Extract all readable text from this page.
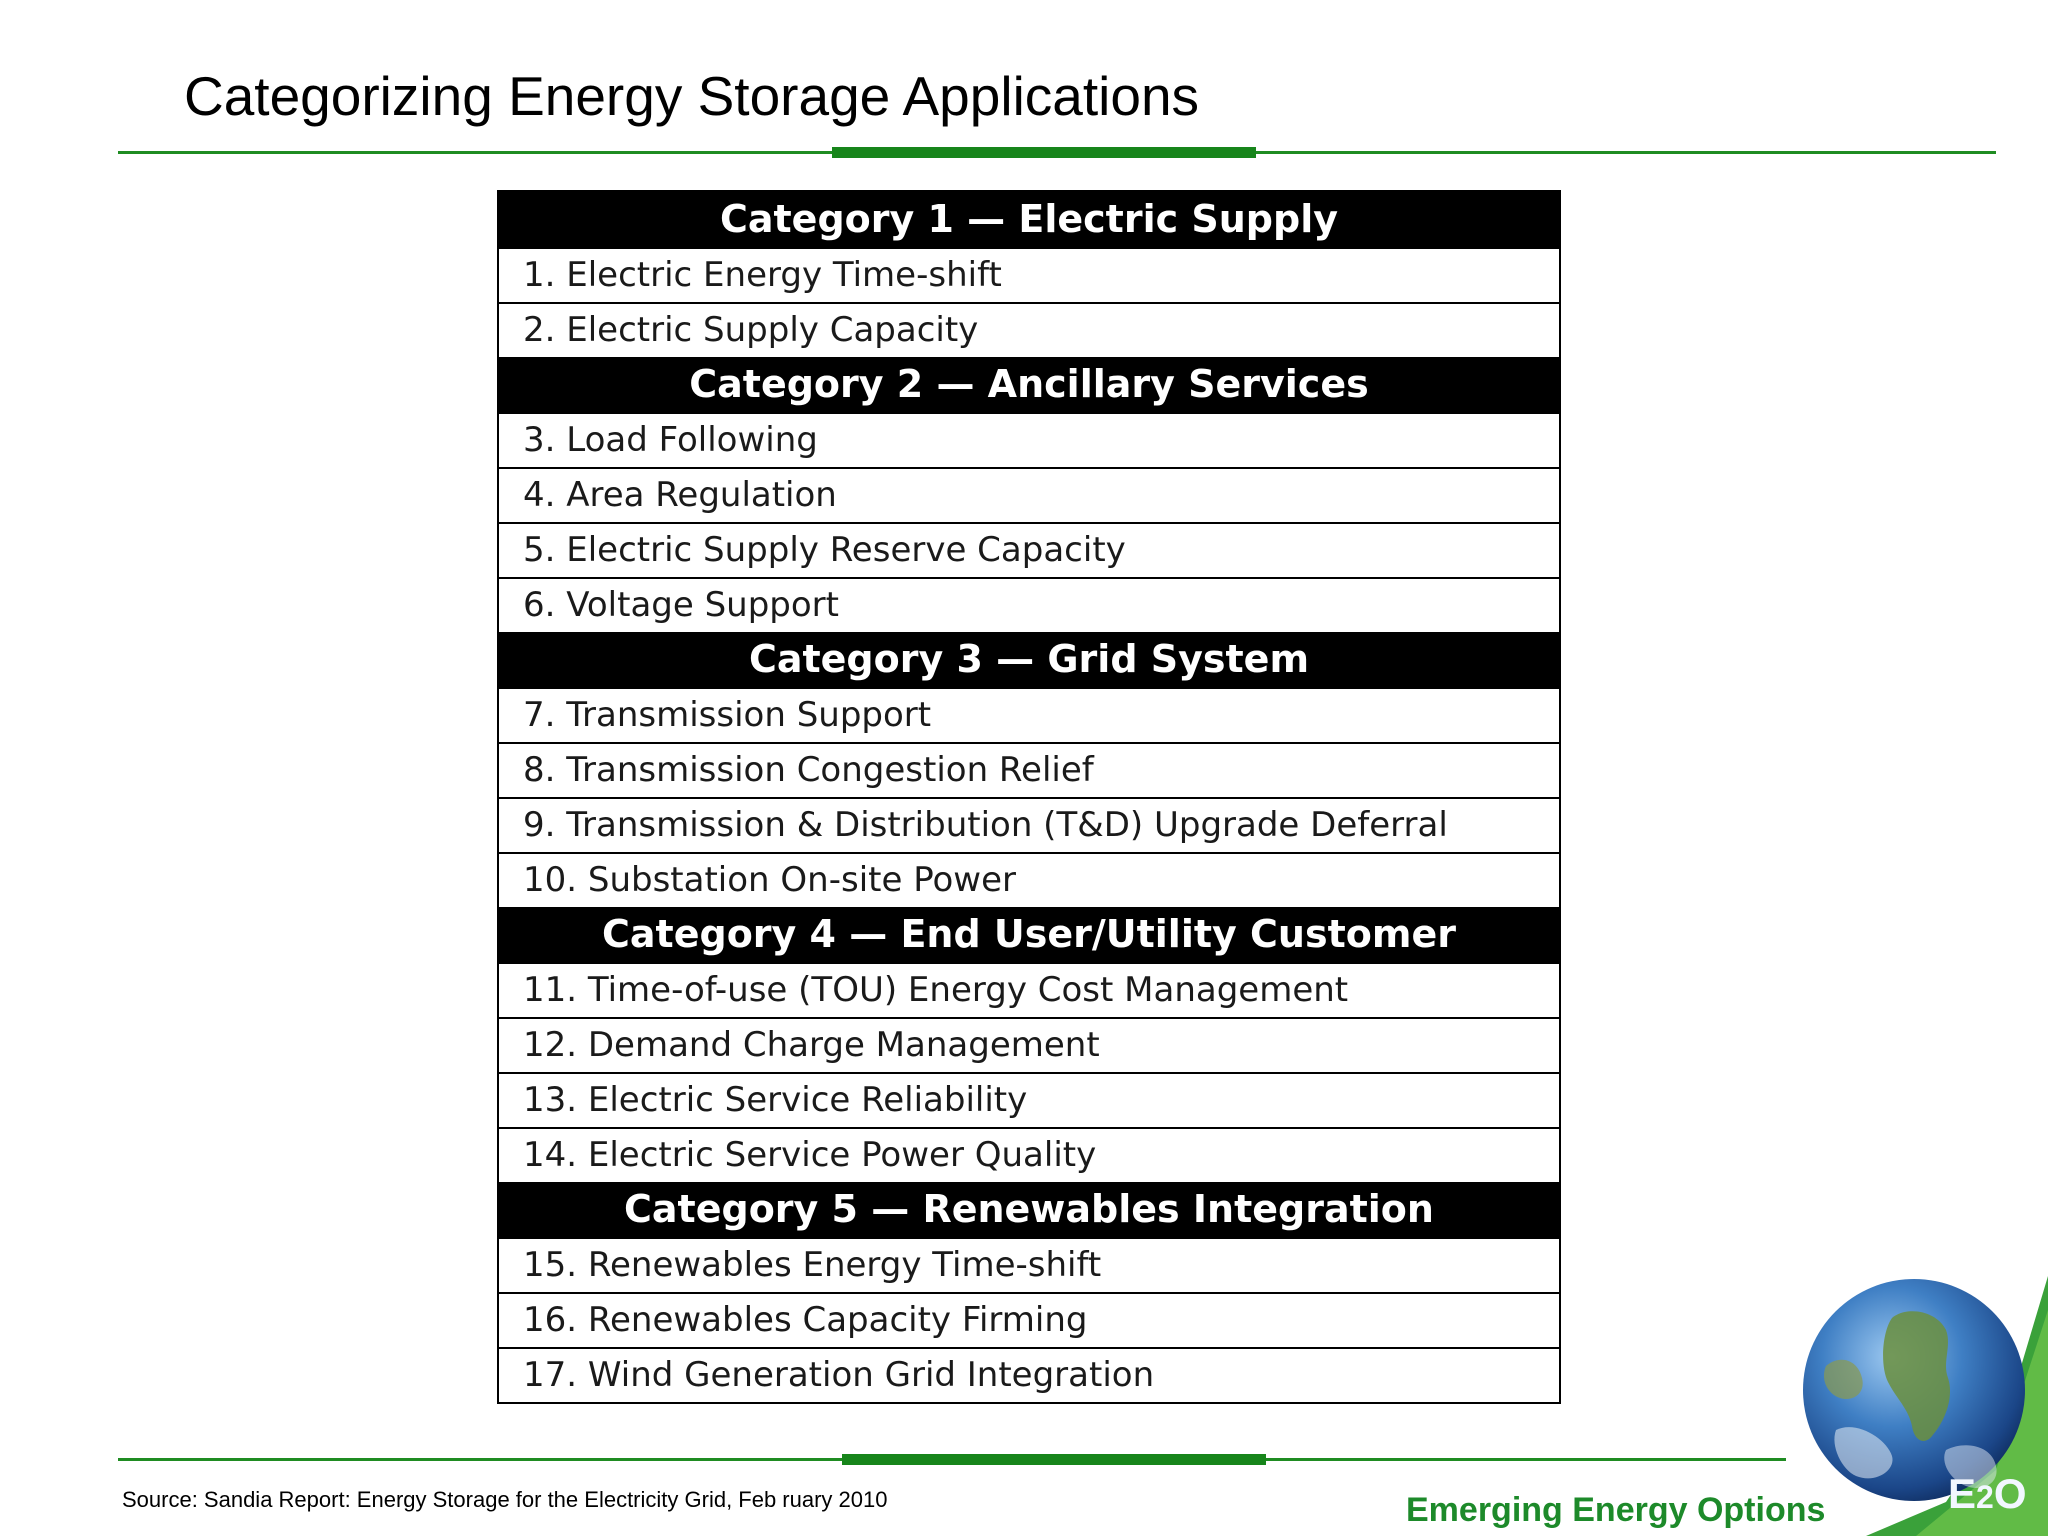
Categorizing Energy Storage Applications
Category 1 — Electric Supply
1. Electric Energy Time-shift
2. Electric Supply Capacity
Category 2 — Ancillary Services
3. Load Following
4. Area Regulation
5. Electric Supply Reserve Capacity
6. Voltage Support
Category 3 — Grid System
7. Transmission Support
8. Transmission Congestion Relief
9. Transmission & Distribution (T&D) Upgrade Deferral
10. Substation On-site Power
Category 4 — End User/Utility Customer
11. Time-of-use (TOU) Energy Cost Management
12. Demand Charge Management
13. Electric Service Reliability
14. Electric Service Power Quality
Category 5 — Renewables Integration
15. Renewables Energy Time-shift
16. Renewables Capacity Firming
17. Wind Generation Grid Integration
Source: Sandia Report: Energy Storage for the Electricity Grid, Feb ruary 2010	Emerging Energy Options	E2O
